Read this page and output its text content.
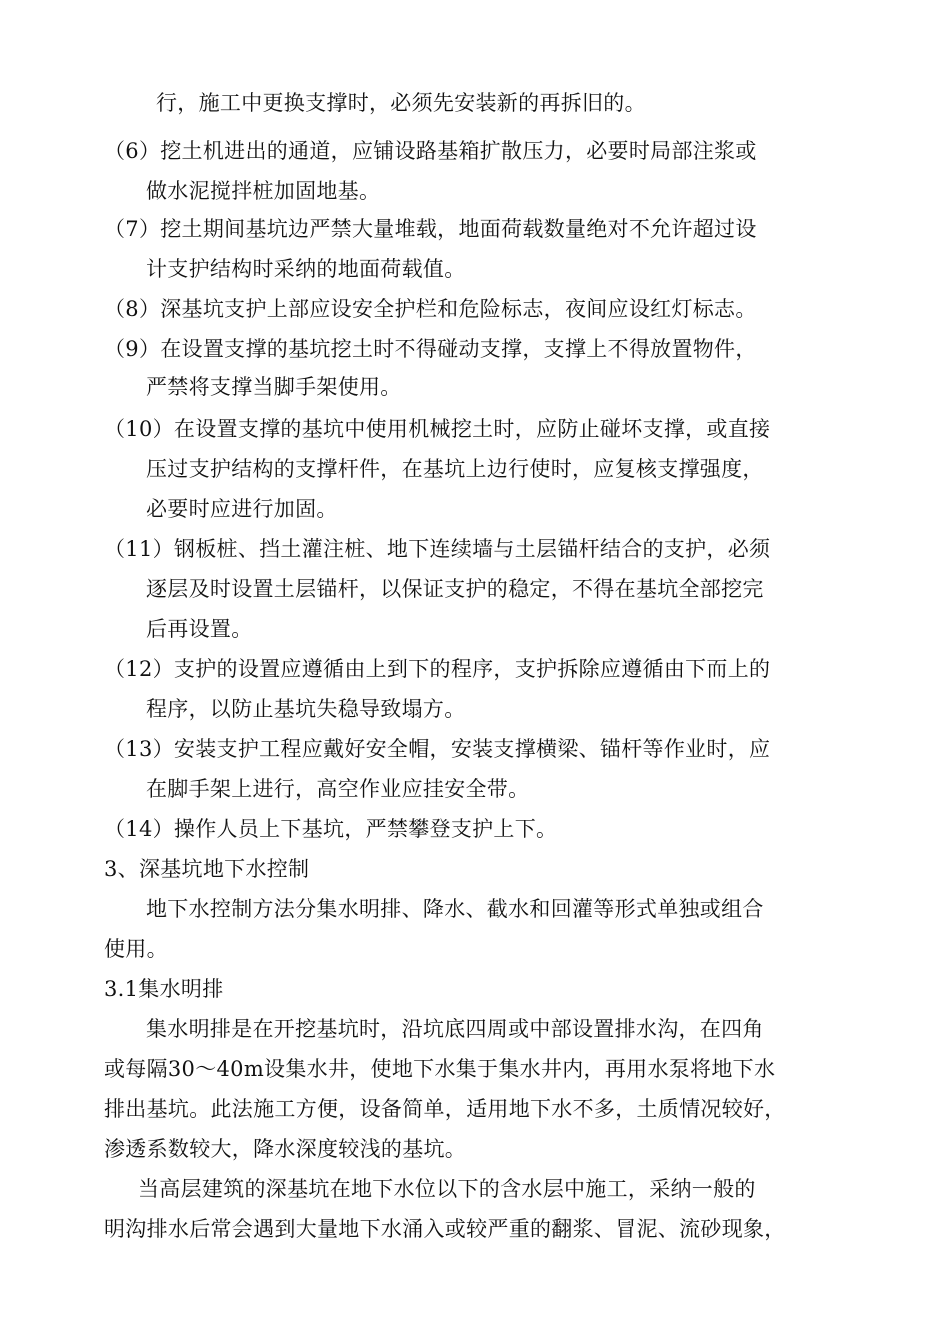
行，施工中更换支撑时，必须先安装新的再拆旧的。
（6）挖土机进出的通道，应铺设路基箱扩散压力，必要时局部注浆或
做水泥搅拌桩加固地基。
（7）挖土期间基坑边严禁大量堆载，地面荷载数量绝对不允许超过设
计支护结构时采纳的地面荷载值。
（8）深基坑支护上部应设安全护栏和危险标志，夜间应设红灯标志。
（9）在设置支撑的基坑挖土时不得碰动支撑，支撑上不得放置物件，
严禁将支撑当脚手架使用。
（10）在设置支撑的基坑中使用机械挖土时，应防止碰坏支撑，或直接
压过支护结构的支撑杆件，在基坑上边行使时，应复核支撑强度，
必要时应进行加固。
（11）钢板桩、挡土灌注桩、地下连续墙与土层锚杆结合的支护，必须
逐层及时设置土层锚杆，以保证支护的稳定，不得在基坑全部挖完
后再设置。
（12）支护的设置应遵循由上到下的程序，支护拆除应遵循由下而上的
程序，以防止基坑失稳导致塌方。
（13）安装支护工程应戴好安全帽，安装支撑横梁、锚杆等作业时，应
在脚手架上进行，高空作业应挂安全带。
（14）操作人员上下基坑，严禁攀登支护上下。
3、深基坑地下水控制
地下水控制方法分集水明排、降水、截水和回灌等形式单独或组合
使用。
3.1集水明排
集水明排是在开挖基坑时，沿坑底四周或中部设置排水沟，在四角
或每隔30～40m设集水井，使地下水集于集水井内，再用水泵将地下水
排出基坑。此法施工方便，设备简单，适用地下水不多，土质情况较好，
渗透系数较大，降水深度较浅的基坑。
当高层建筑的深基坑在地下水位以下的含水层中施工，采纳一般的
明沟排水后常会遇到大量地下水涌入或较严重的翻浆、冒泥、流砂现象，
